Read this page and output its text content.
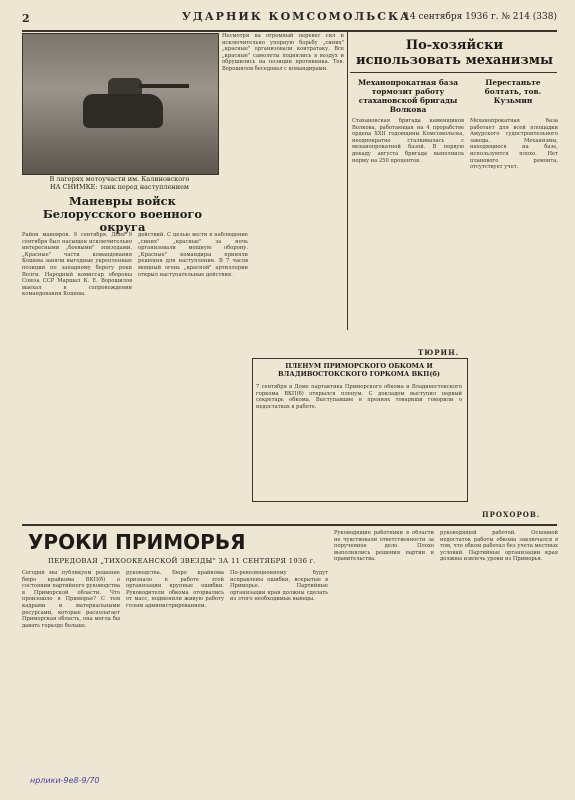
2	УДАРНИК КОМСОМОЛЬСКА
14 сентября 1936 г. № 214 (338)
В лагерях мотоучасти им. Калиновского
НА СНИМКЕ: танк перед наступлением
Маневры войск Белорусского военного округа
Район маневров. 9 сентября. День 9 сентября был насыщен исключительно интересными „боевыми" эпизодами. „Красные" части командования Кошева заняли выгодные укрепленные позиции по западному берегу реки Волги. Народный комиссар обороны Союза ССР Маршал К. Е. Ворошилов выехал в сопровождении командования Кошева.
действий. С целью вести в наблюдение „синих" „красные" за ночь организовали мощную оборону. „Красные" командиры приняли решения для наступления. В 7 часов мощный огонь „красной" артиллерии открыл наступательные действия.
Несмотря на огромный перевес сил и исключительно упорную борьбу „синих" „красные" организовали контратаку. Все „красные" самолеты поднялись в воздух и обрушились на позиции противника. Тов. Ворошилов беседовал с командирами.
По-хозяйски использовать механизмы
Механопрокатная база тормозит работу стахановской бригады Волкова
Перестаньте болтать, тов. Кузьмин
Стахановская бригада каменщиков Волкова, работающая на 4 прорабстве ордена XXII годовщины Комсомольска, неоднократно сталкивалась с механопрокатной базой. В первую декаду августа бригада выполнила норму на 250 процентов.
Механопрокатная база работает для всей площадки Амурского судостроительного завода. Механизмы, находящиеся на базе, используются плохо. Нет планового ремонта, отсутствует учет.
ТЮРИН.
ПЛЕНУМ ПРИМОРСКОГО ОБКОМА И ВЛАДИВОСТОКСКОГО ГОРКОМА ВКП(б)
7 сентября в Доме партактива Приморского обкома и Владивостокского горкома ВКП(б) открылся пленум. С докладом выступил первый секретарь обкома. Выступавшие в прениях товарищи говорили о недостатках в работе.
ПРОХОРОВ.
УРОКИ ПРИМОРЬЯ
ПЕРЕДОВАЯ „ТИХООКЕАНСКОЙ ЗВЕЗДЫ" ЗА 11 СЕНТЯБРЯ 1936 г.
Сегодня мы публикуем решение бюро крайкома ВКП(б) о состоянии партийного руководства в Приморской области. Что произошло в Приморье? С тем кадрами и материальными ресурсами, которые располагает Приморская область, она могла бы давать гораздо больше.
руководства. Бюро крайкома признало в работе этой организации крупные ошибки. Руководители обкома оторвались от масс, подменили живую работу голым администрированием.
По-революционному будут исправлены ошибки, вскрытые в Приморье. Партийные организации края должны сделать из этого необходимые выводы.
Руководящие работники в области не чувствовали ответственности за порученное дело. Плохо выполнялись решения партии и правительства.
руководящей работой. Основной недостаток работы обкома заключался в том, что обком работал без учета местных условий. Партийные организации края должны извлечь уроки из Приморья.
нрлики-9е8-9/70
